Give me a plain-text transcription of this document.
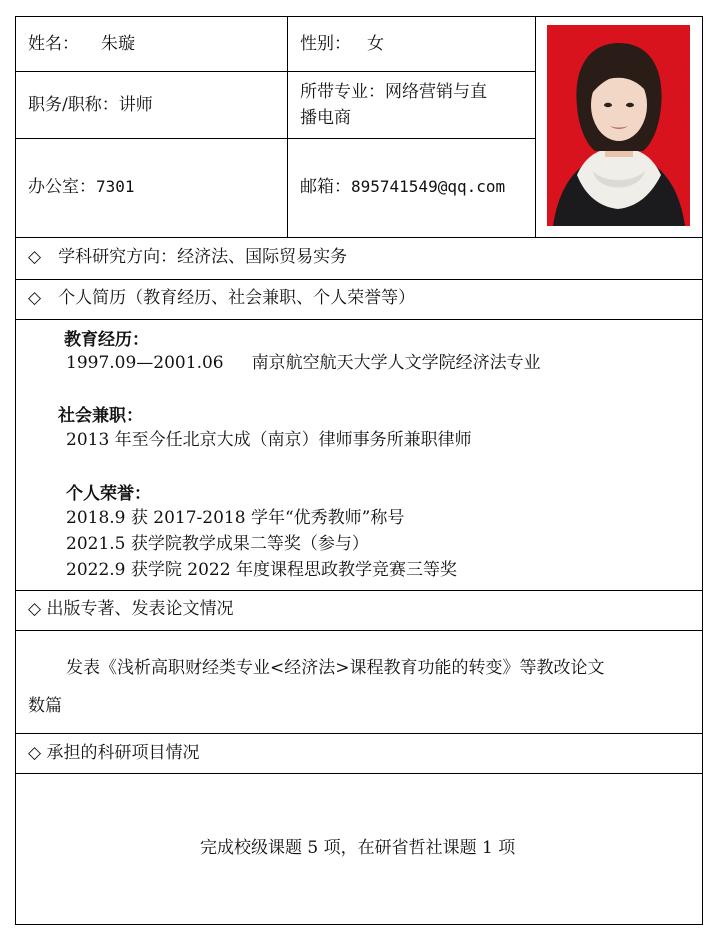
姓名： 朱璇	性别： 女
职务/职称：讲师
所带专业：网络营销与直
播电商
办公室：7301	邮箱：895741549@qq.com
◇　学科研究方向：经济法、国际贸易实务
◇　个人简历（教育经历、社会兼职、个人荣誉等）
教育经历：
1997.09—2001.06 南京航空航天大学人文学院经济法专业
社会兼职：
2013 年至今任北京大成（南京）律师事务所兼职律师
个人荣誉：
2018.9 获 2017-2018 学年“优秀教师”称号
2021.5 获学院教学成果二等奖（参与）
2022.9 获学院 2022 年度课程思政教学竞赛三等奖
◇ 出版专著、发表论文情况
发表《浅析高职财经类专业<经济法>课程教育功能的转变》等教改论文
数篇
◇ 承担的科研项目情况
完成校级课题 5 项，在研省哲社课题 1 项
